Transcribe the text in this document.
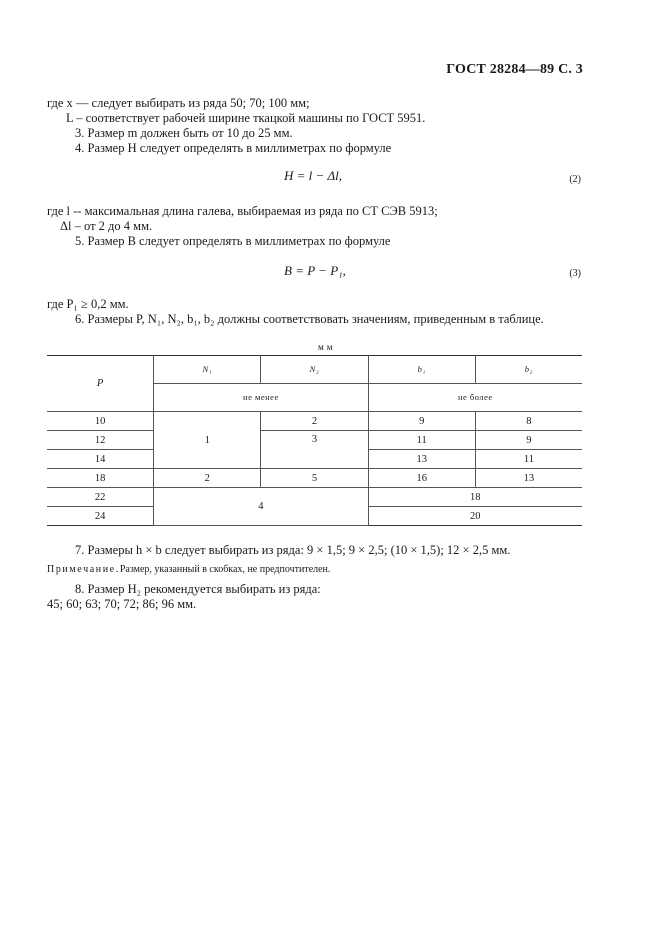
ГОСТ 28284—89 С. 3
где x — следует выбирать из ряда 50; 70; 100 мм;
L – соответствует рабочей ширине ткацкой машины по ГОСТ 5951.
3. Размер m должен быть от 10 до 25 мм.
4. Размер H следует определять в миллиметрах по формуле
H = l − Δl,	(2)
где l -- максимальная длина галева, выбираемая из ряда по СТ СЭВ 5913;
Δl – от 2 до 4 мм.
5. Размер B следует определять в миллиметрах по формуле
B = P − P₁,	(3)
где P₁ ≥ 0,2 мм.
6. Размеры P, N₁, N₂, b₁, b₂ должны соответствовать значениям, приведенным в таблице.
мм
P	N₁	N₂	b₁	b₂
	не менее		не более	
10	1	2	9	8
12		3	11	9
14			13	11
18	2	5	16	13
22	4		18	
24			20	
7. Размеры h × b следует выбирать из ряда: 9 × 1,5; 9 × 2,5; (10 × 1,5); 12 × 2,5 мм.
Примечание.Размер, указанный в скобках, не предпочтителен.
8. Размер H₂ рекомендуется выбирать из ряда:
45; 60; 63; 70; 72; 86; 96 мм.
